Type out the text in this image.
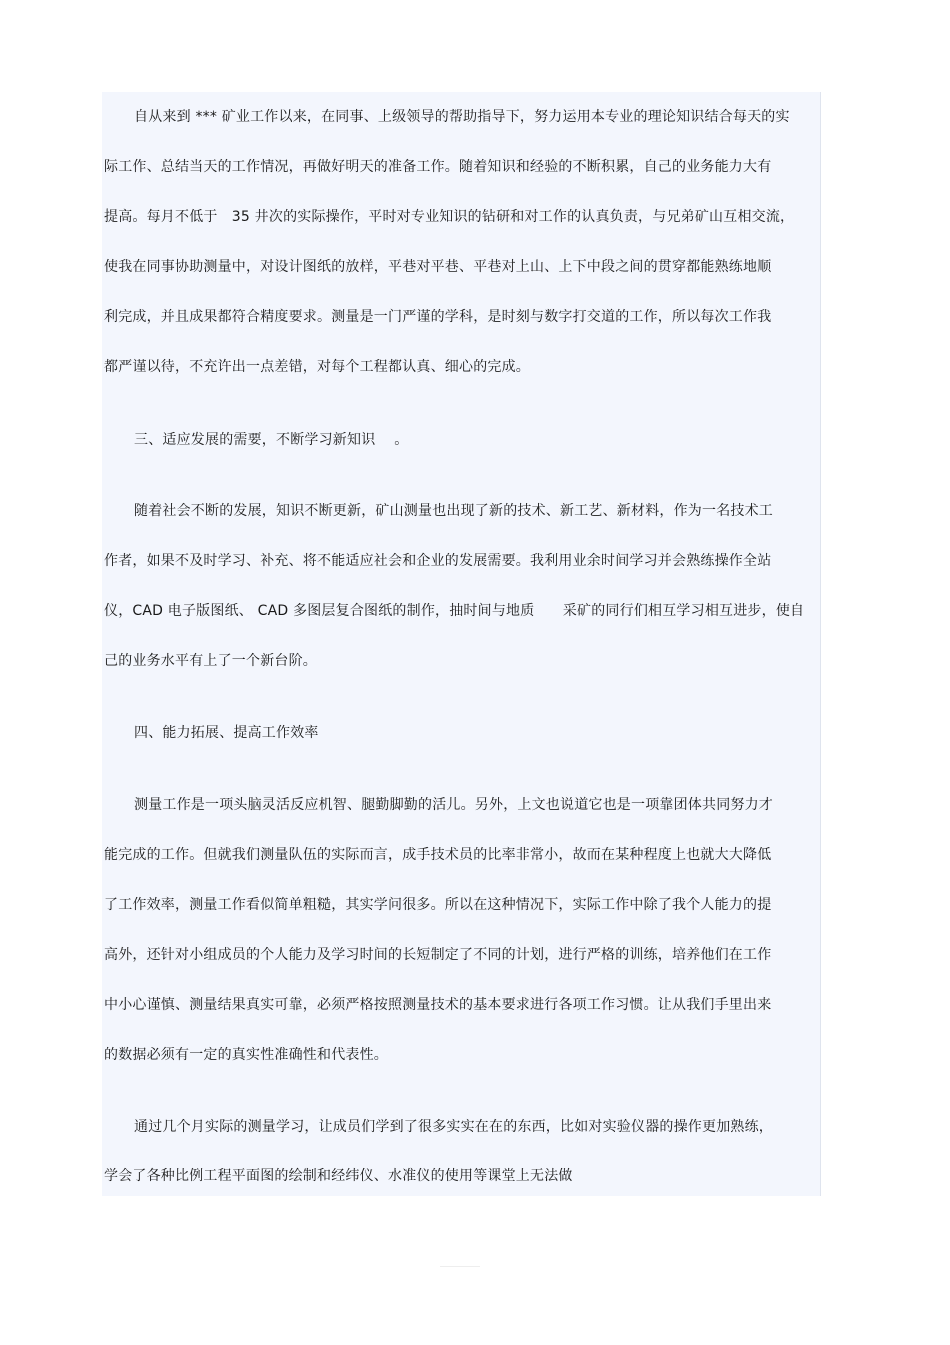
自从来到 *** 矿业工作以来，在同事、上级领导的帮助指导下，努力运用本专业的理论知识结合每天的实
际工作、总结当天的工作情况，再做好明天的准备工作。随着知识和经验的不断积累，自己的业务能力大有
提高。每月不低于　35 井次的实际操作，平时对专业知识的钻研和对工作的认真负责，与兄弟矿山互相交流，
使我在同事协助测量中，对设计图纸的放样，平巷对平巷、平巷对上山、上下中段之间的贯穿都能熟练地顺
利完成，并且成果都符合精度要求。测量是一门严谨的学科，是时刻与数字打交道的工作，所以每次工作我
都严谨以待，不充许出一点差错，对每个工程都认真、细心的完成。
三、适应发展的需要，不断学习新知识　 。
随着社会不断的发展，知识不断更新，矿山测量也出现了新的技术、新工艺、新材料，作为一名技术工
作者，如果不及时学习、补充、将不能适应社会和企业的发展需要。我利用业余时间学习并会熟练操作全站
仪，CAD 电子版图纸、 CAD 多图层复合图纸的制作，抽时间与地质　　采矿的同行们相互学习相互进步，使自
己的业务水平有上了一个新台阶。
四、能力拓展、提高工作效率
测量工作是一项头脑灵活反应机智、腿勤脚勤的活儿。另外，上文也说道它也是一项靠团体共同努力才
能完成的工作。但就我们测量队伍的实际而言，成手技术员的比率非常小，故而在某种程度上也就大大降低
了工作效率，测量工作看似简单粗糙，其实学问很多。所以在这种情况下，实际工作中除了我个人能力的提
高外，还针对小组成员的个人能力及学习时间的长短制定了不同的计划，进行严格的训练，培养他们在工作
中小心谨慎、测量结果真实可靠，必须严格按照测量技术的基本要求进行各项工作习惯。让从我们手里出来
的数据必须有一定的真实性准确性和代表性。
通过几个月实际的测量学习，让成员们学到了很多实实在在的东西，比如对实验仪器的操作更加熟练，
学会了各种比例工程平面图的绘制和经纬仪、水准仪的使用等课堂上无法做
